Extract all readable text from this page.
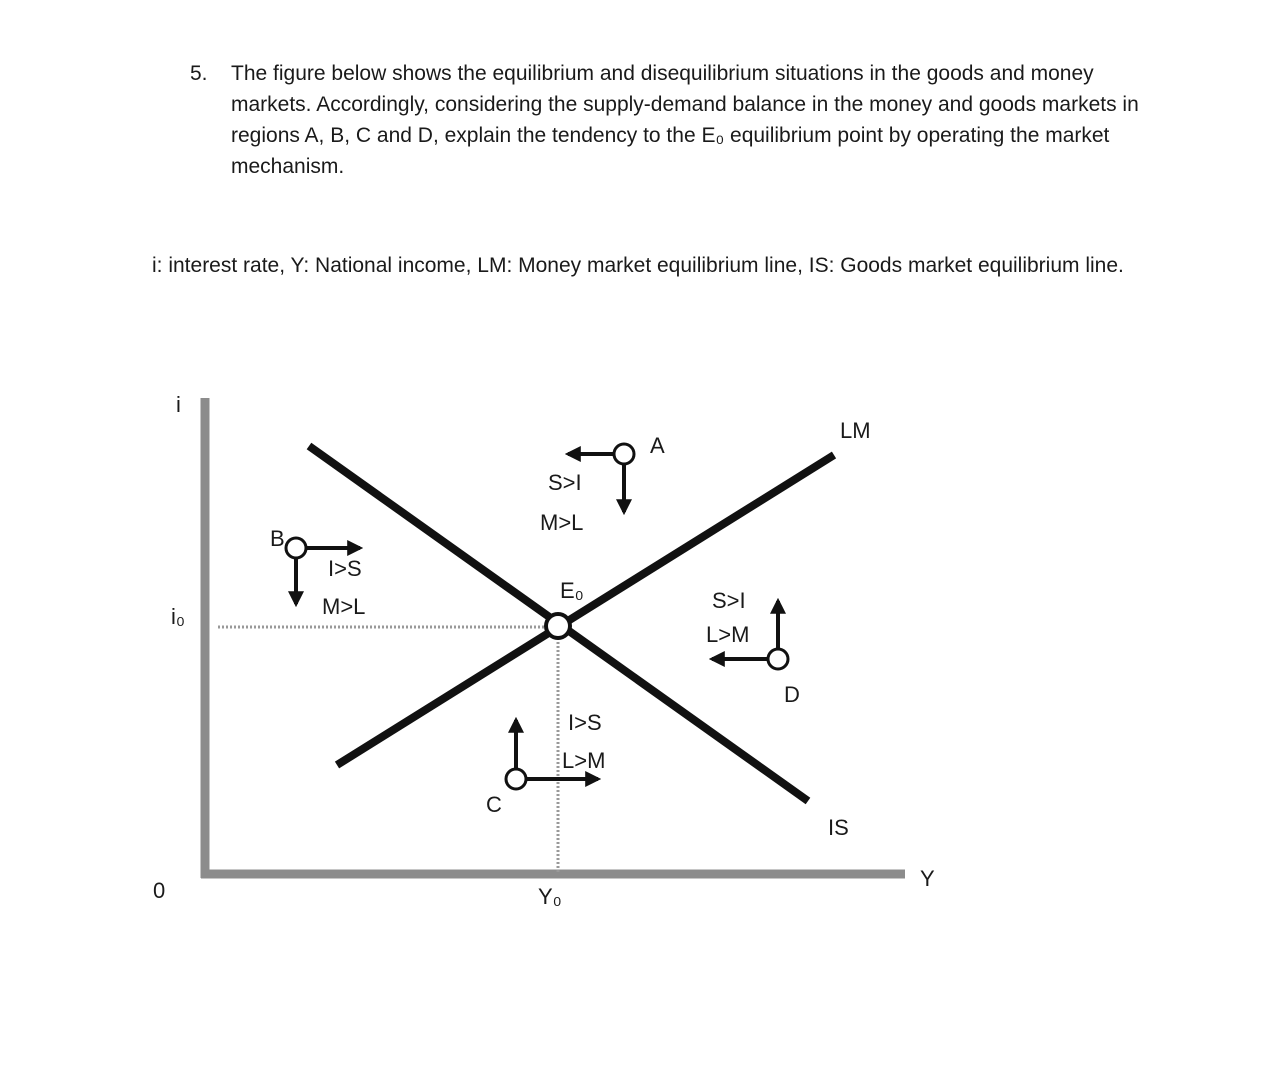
5. The figure below shows the equilibrium and disequilibrium situations in the goods and money markets. Accordingly, considering the supply-demand balance in the money and goods markets in regions A, B, C and D, explain the tendency to the E₀ equilibrium point by operating the market mechanism.
i: interest rate, Y: National income, LM: Money market equilibrium line, IS: Goods market equilibrium line.
i
Y
0
i₀
Y₀
E₀
LM
IS
A
B
C
D
S>I
M>L
I>S
M>L
I>S
L>M
S>I
L>M
